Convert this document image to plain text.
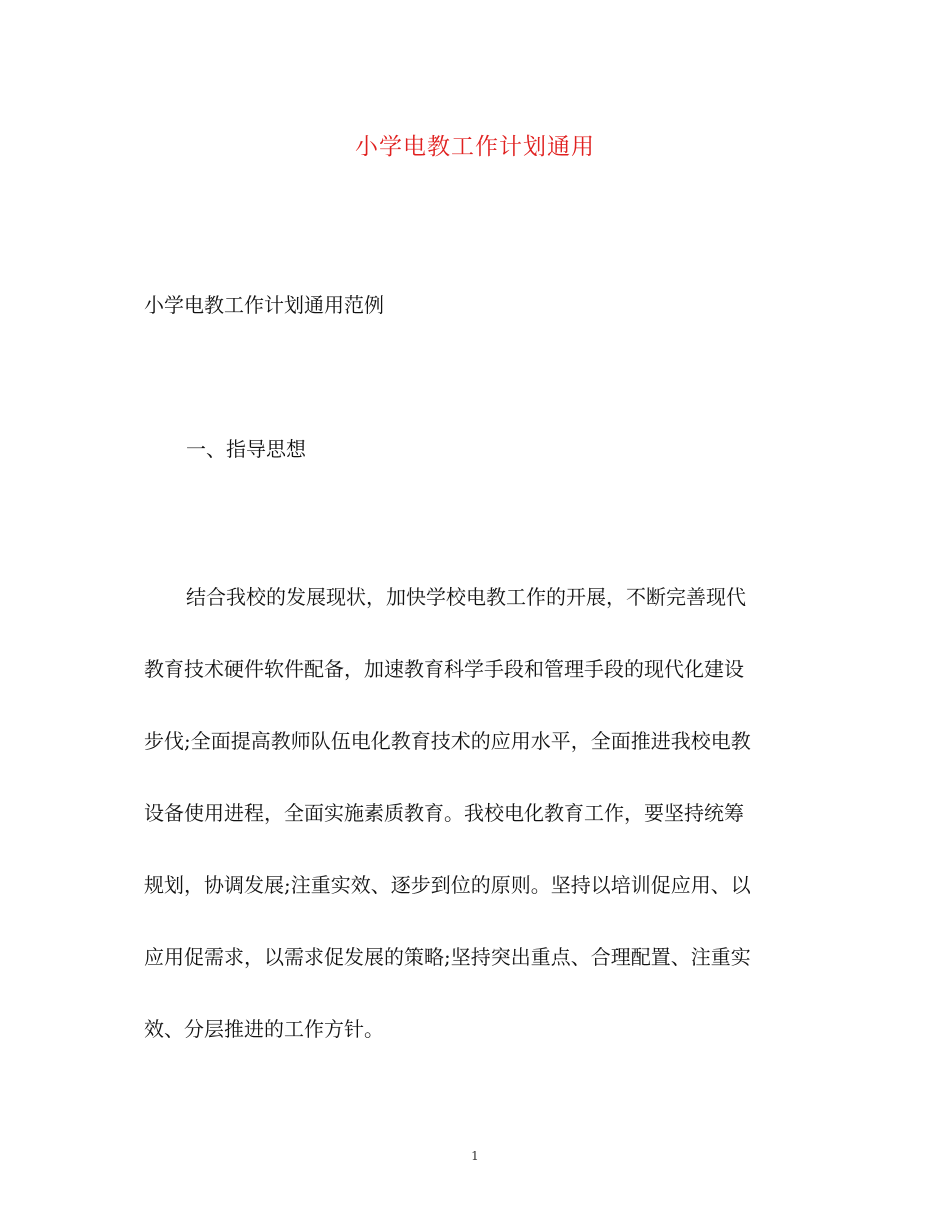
小学电教工作计划通用
小学电教工作计划通用范例
一、指导思想
结合我校的发展现状，加快学校电教工作的开展，不断完善现代
教育技术硬件软件配备，加速教育科学手段和管理手段的现代化建设
步伐;全面提高教师队伍电化教育技术的应用水平，全面推进我校电教
设备使用进程，全面实施素质教育。我校电化教育工作，要坚持统筹
规划，协调发展;注重实效、逐步到位的原则。坚持以培训促应用、以
应用促需求，以需求促发展的策略;坚持突出重点、合理配置、注重实
效、分层推进的工作方针。
1
